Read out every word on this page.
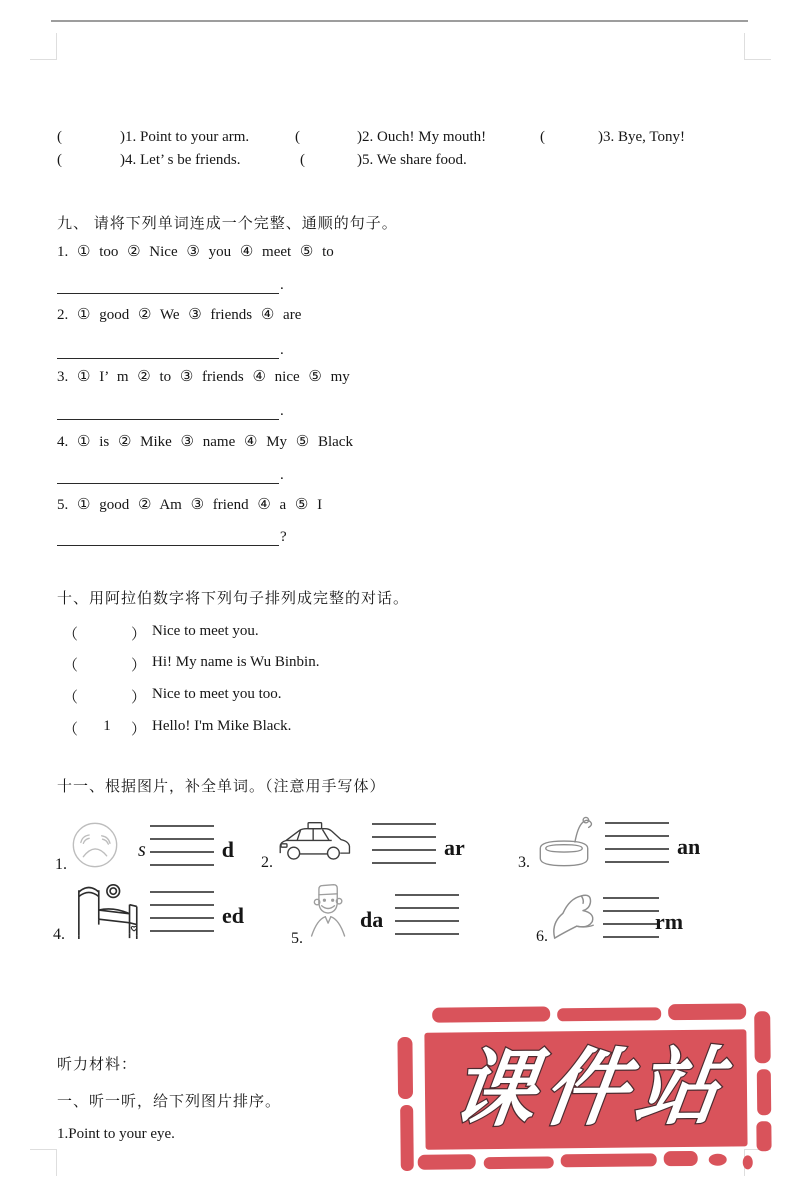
(	)1. Point to your arm.	(	)2. Ouch! My mouth!	(	)3. Bye, Tony!
(	)4. Let’ s be friends.	(	)5. We share food.
九、 请将下列单词连成一个完整、通顺的句子。
1. ① too ② Nice ③ you ④ meet ⑤ to
.
2. ① good ② We ③ friends ④ are
.
3. ① I’ m ② to ③ friends ④ nice ⑤ my
.
4. ① is ② Mike ③ name ④ My ⑤ Black
.
5. ① good ② Am ③ friend ④ a ⑤ I
?
十、用阿拉伯数字将下列句子排列成完整的对话。
（	） Nice to meet you.
（	） Hi! My name is Wu Binbin.
（	） Nice to meet you too.
（	1	） Hello! I'm Mike Black.
十一、根据图片，补全单词。（注意用手写体）
1.
s	d
2.
ar
3.
an
4.
ed
5.
da
6.
rm
听力材料：
一、听一听，给下列图片排序。
1.Point to your eye.	课件站
